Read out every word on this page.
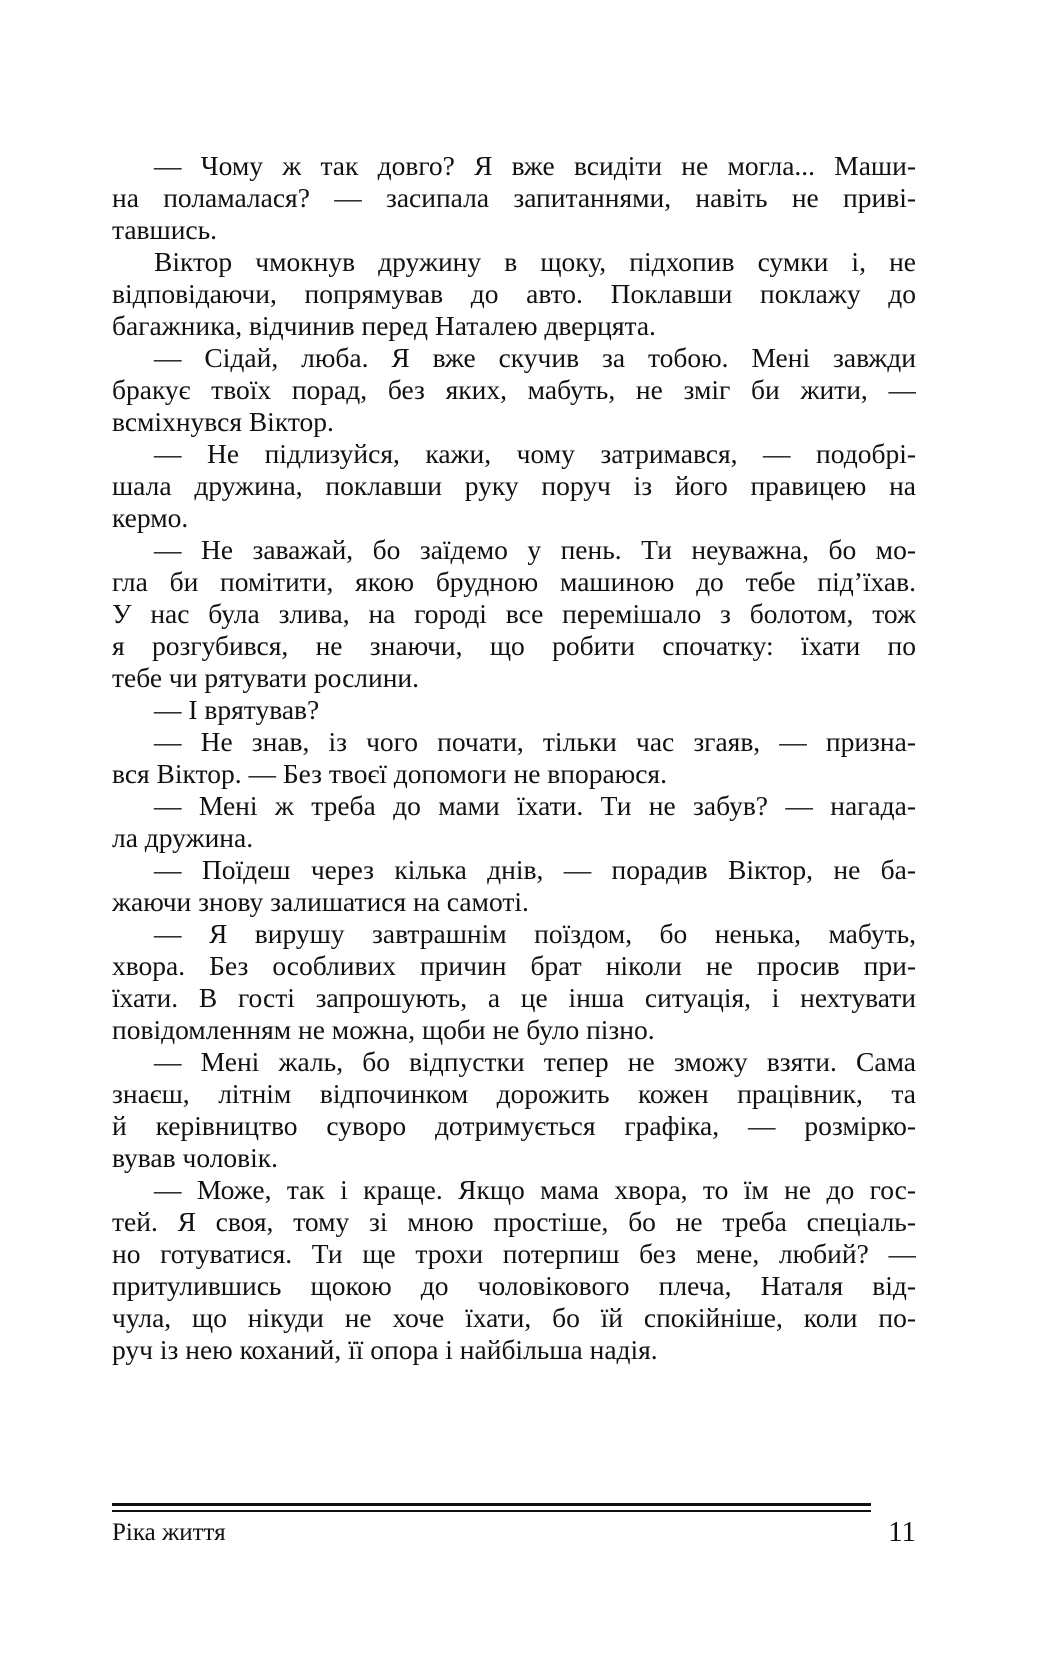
— Чому ж так довго? Я вже всидіти не могла... Маши-
на поламалася? — засипала запитаннями, навіть не приві-
тавшись.
Віктор чмокнув дружину в щоку, підхопив сумки і, не
відповідаючи, попрямував до авто. Поклавши поклажу до
багажника, відчинив перед Наталею дверцята.
— Сідай, люба. Я вже скучив за тобою. Мені завжди
бракує твоїх порад, без яких, мабуть, не зміг би жити, —
всміхнувся Віктор.
— Не підлизуйся, кажи, чому затримався, — подобрі-
шала дружина, поклавши руку поруч із його правицею на
кермо.
— Не заважай, бо заїдемо у пень. Ти неуважна, бо мо-
гла би помітити, якою брудною машиною до тебе під’їхав.
У нас була злива, на городі все перемішало з болотом, тож
я розгубився, не знаючи, що робити спочатку: їхати по
тебе чи рятувати рослини.
— І врятував?
— Не знав, із чого почати, тільки час згаяв, — призна-
вся Віктор. — Без твоєї допомоги не впораюся.
— Мені ж треба до мами їхати. Ти не забув? — нагада-
ла дружина.
— Поїдеш через кілька днів, — порадив Віктор, не ба-
жаючи знову залишатися на самоті.
— Я вирушу завтрашнім поїздом, бо ненька, мабуть,
хвора. Без особливих причин брат ніколи не просив при-
їхати. В гості запрошують, а це інша ситуація, і нехтувати
повідомленням не можна, щоби не було пізно.
— Мені жаль, бо відпустки тепер не зможу взяти. Сама
знаєш, літнім відпочинком дорожить кожен працівник, та
й керівництво суворо дотримується графіка, — розмірко-
вував чоловік.
— Може, так і краще. Якщо мама хвора, то їм не до гос-
тей. Я своя, тому зі мною простіше, бо не треба спеціаль-
но готуватися. Ти ще трохи потерпиш без мене, любий? —
притулившись щокою до чоловікового плеча, Наталя від-
чула, що нікуди не хоче їхати, бо їй спокійніше, коли по-
руч із нею коханий, її опора і найбільша надія.
Ріка життя	11
